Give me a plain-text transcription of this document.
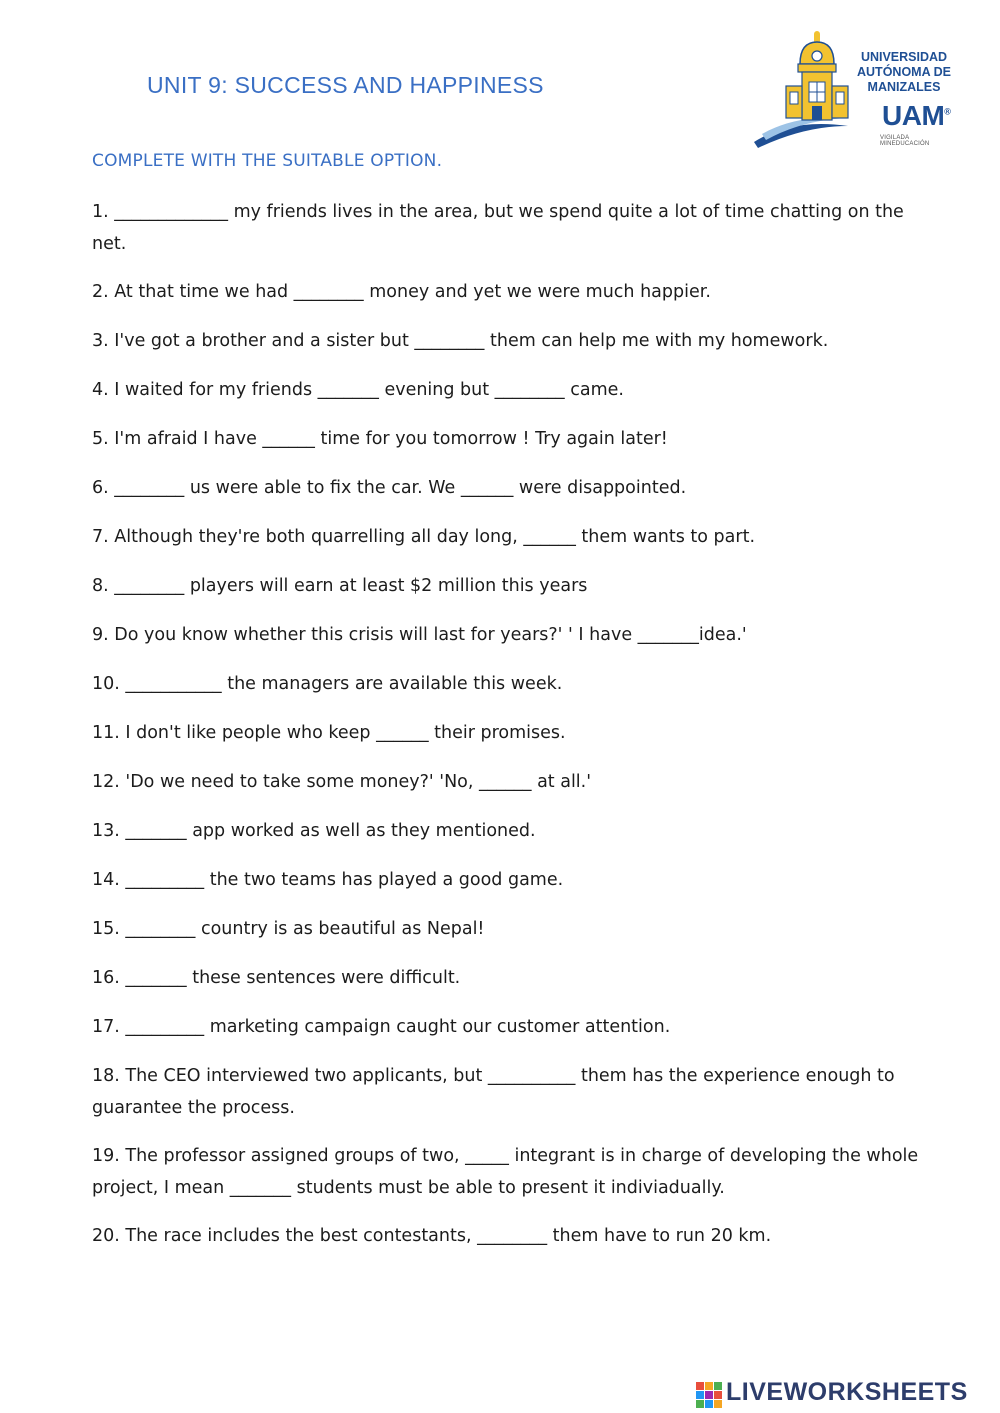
UNIT 9: SUCCESS AND HAPPINESS
UNIVERSIDAD
AUTÓNOMA DE
MANIZALES
UAM®
VIGILADA MINEDUCACIÓN

COMPLETE WITH THE SUITABLE OPTION.

1. _____________ my friends lives in the area, but we spend quite a lot of time chatting on the net.
2. At that time we had ________ money and yet we were much happier.
3. I've got a brother and a sister but ________ them can help me with my homework.
4. I waited for my friends _______ evening but ________ came.
5. I'm afraid I have ______ time for you tomorrow ! Try again later!
6. ________ us were able to fix the car. We ______ were disappointed.
7. Although they're both quarrelling all day long, ______ them wants to part.
8. ________ players will earn at least $2 million this years
9. Do you know whether this crisis will last for years?' ' I have _______idea.'
10. ___________ the managers are available this week.
11. I don't like people who keep ______ their promises.
12. 'Do we need to take some money?' 'No, ______ at all.'
13. _______ app worked as well as they mentioned.
14. _________ the two teams has played a good game.
15. ________ country is as beautiful as Nepal!
16. _______ these sentences were difficult.
17. _________ marketing campaign caught our customer attention.
18. The CEO interviewed two applicants, but __________ them has the experience enough to guarantee the process.
19. The professor assigned groups of two, _____ integrant is in charge of developing the whole project, I mean _______ students must be able to present it indiviadually.
20. The race includes the best contestants, ________ them have to run 20 km.
LIVEWORKSHEETS
